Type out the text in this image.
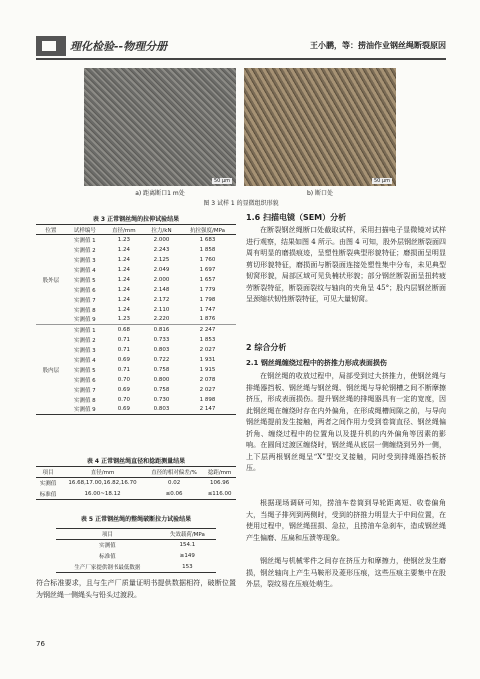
理化检验--物理分册	王小鹏，等：捞油作业钢丝绳断裂原因
50 μm	50 μm
a) 距离断口1 m处	b) 断口处
图 3 试样 1 的显微组织形貌
表 3 正常钢丝绳的拉伸试验结果
位置	试样编号	直径/mm	拉力/kN	抗拉强度/MPa
股外层	实测值 1	1.23	2.000	1 683
	实测值 2	1.24	2.243	1 858
	实测值 3	1.24	2.125	1 760
	实测值 4	1.24	2.049	1 697
	实测值 5	1.24	2.000	1 657
	实测值 6	1.24	2.148	1 779
	实测值 7	1.24	2.172	1 798
	实测值 8	1.24	2.110	1 747
	实测值 9	1.23	2.220	1 876
股内层	实测值 1	0.68	0.816	2 247
	实测值 2	0.71	0.733	1 853
	实测值 3	0.71	0.803	2 027
	实测值 4	0.69	0.722	1 931
	实测值 5	0.71	0.758	1 915
	实测值 6	0.70	0.800	2 078
	实测值 7	0.69	0.758	2 027
	实测值 8	0.70	0.730	1 898
	实测值 9	0.69	0.803	2 147
表 4 正常钢丝绳直径和捻距测量结果
项目	直径/mm	直径的相对偏差/%	捻距/mm
实测值	16.68,17.00,16.82,16.70	0.02	106.96
标准值	16.00~18.12	≤0.06	≤116.00
表 5 正常钢丝绳的整绳破断拉力试验结果
项目	失效载荷/MPa
实测值	154.1
标准值	≥149
生产厂家提供钢书最低数据	153
符合标准要求，且与生产厂质量证明书提供数据相符，破断位置为钢丝绳一侧绳头与铅头过渡段。
76
1.6 扫描电镜（SEM）分析
在断裂钢丝绳断口处截取试样，采用扫描电子显微镜对试样进行观察，结果如图 4 所示。由图 4 可知，股外层钢丝断裂面四周有明显的磨损痕迹，呈塑性断裂典型形貌特征；磨损面呈明显剪切形貌特征，磨损面与断裂面连接处塑性集中分布，未见典型韧窝形貌，局部区域可见负楠状形貌；部分钢丝断裂面呈扭转疲劳断裂特征，断裂面裂纹与轴向的夹角呈 45°；股内层钢丝断面呈颈缩状韧性断裂特征，可见大量韧窝。
2 综合分析
2.1 钢丝绳缠绕过程中的挤推力形成表面损伤
在钢丝绳的收放过程中，局部受到过大挤推力，使钢丝绳与排绳器挡板、钢丝绳与钢丝绳、钢丝绳与导轮钢槽之间不断摩擦挤压，形成表面损伤。提升钢丝绳的排绳器具有一定的宽度，因此钢丝绳在缠绕时存在内外偏角，在形成绳槽间隙之前，与导向钢丝绳提前发生接触，两者之间作用力受到卷筒直径、钢丝绳偏折角、缠绕过程中的位置角以及提升机的内外偏角等因素的影响。在圆间过渡区缠绕时，钢丝绳从底层一侧缠绕到另外一侧，上下层两根钢丝绳呈“X”型交叉接触，同时受到排绳器挡板挤压。
根据现场调研可知，捞油车卷筒到导轮距离短、收卷偏角大，当绳子排列到两侧时，受到的挤推力明显大于中间位置，在使用过程中，钢丝绳扭损、急拉，且捞油车急刹车，造成钢丝绳产生偏磨、压扁和压溃等现象。
钢丝绳与机械零件之间存在挤压力和摩擦力，使钢丝发生磨损，钢丝轴向上产生马鞍形及菱形压痕，这些压痕主要集中在股外层，裂纹易在压痕处萌生。
